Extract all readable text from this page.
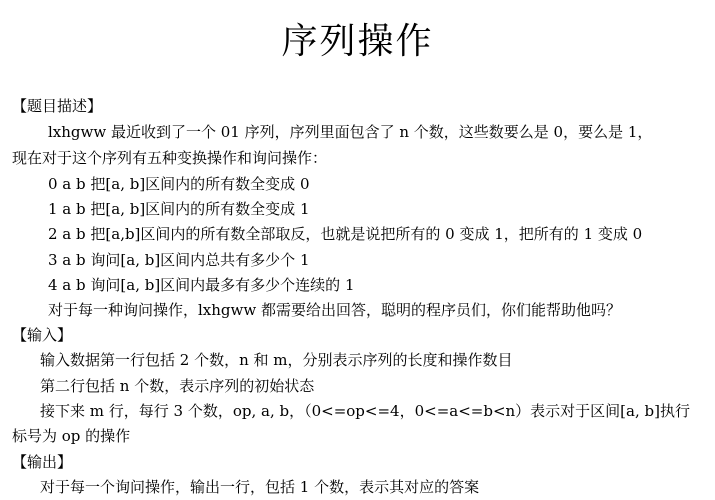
序列操作
【题目描述】
lxhgww 最近收到了一个 01 序列，序列里面包含了 n 个数，这些数要么是 0，要么是 1，
现在对于这个序列有五种变换操作和询问操作：
0 a b 把[a, b]区间内的所有数全变成 0
1 a b 把[a, b]区间内的所有数全变成 1
2 a b 把[a,b]区间内的所有数全部取反，也就是说把所有的 0 变成 1，把所有的 1 变成 0
3 a b 询问[a, b]区间内总共有多少个 1
4 a b 询问[a, b]区间内最多有多少个连续的 1
对于每一种询问操作，lxhgww 都需要给出回答，聪明的程序员们，你们能帮助他吗？
【输入】
输入数据第一行包括 2 个数，n 和 m，分别表示序列的长度和操作数目
第二行包括 n 个数，表示序列的初始状态
接下来 m 行，每行 3 个数，op, a, b，（0<=op<=4，0<=a<=b<n）表示对于区间[a, b]执行
标号为 op 的操作
【输出】
对于每一个询问操作，输出一行，包括 1 个数，表示其对应的答案
